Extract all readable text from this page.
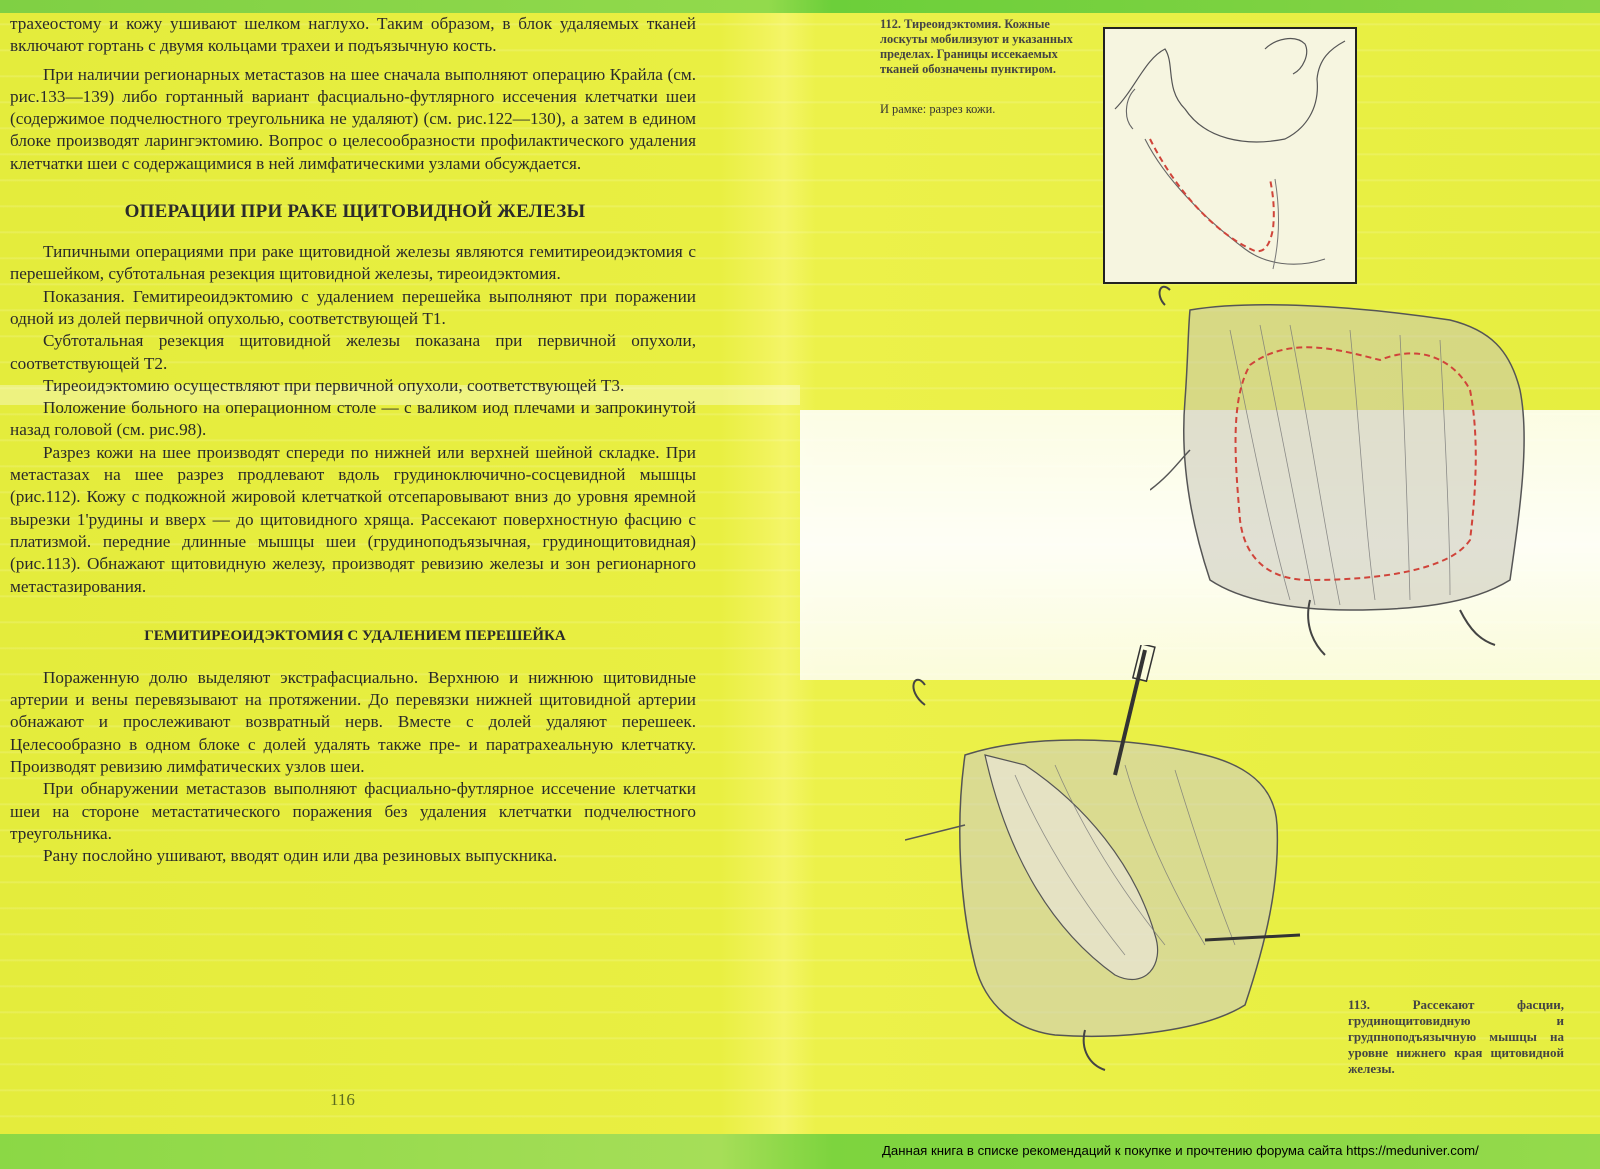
трахеостому и кожу ушивают шелком наглухо. Таким образом, в блок удаляемых тканей включают гортань с двумя кольцами трахеи и подъязычную кость.

При наличии регионарных метастазов на шее сначала выполняют операцию Крайла (см. рис.133—139) либо гортанный вариант фасциально-футлярного иссечения клетчатки шеи (содержимое подчелюстного треугольника не удаляют) (см. рис.122—130), а затем в едином блоке производят ларингэктомию. Вопрос о целесообразности профилактического удаления клетчатки шеи с содержащимися в ней лимфатическими узлами обсуждается.

ОПЕРАЦИИ ПРИ РАКЕ ЩИТОВИДНОЙ ЖЕЛЕЗЫ

Типичными операциями при раке щитовидной железы являются гемитиреоидэктомия с перешейком, субтотальная резекция щитовидной железы, тиреоидэктомия.

Показания. Гемитиреоидэктомию с удалением перешейка выполняют при поражении одной из долей первичной опухолью, соответствующей Т1.

Субтотальная резекция щитовидной железы показана при первичной опухоли, соответствующей Т2.

Тиреоидэктомию осуществляют при первичной опухоли, соответствующей Т3.

Положение больного на операционном столе — с валиком иод плечами и запрокинутой назад головой (см. рис.98).

Разрез кожи на шее производят спереди по нижней или верхней шейной складке. При метастазах на шее разрез продлевают вдоль грудиноключично-сосцевидной мышцы (рис.112). Кожу с подкожной жировой клетчаткой отсепаровывают вниз до уровня яремной вырезки 1'рудины и вверх — до щитовидного хряща. Рассекают поверхностную фасцию с платизмой. передние длинные мышцы шеи (грудиноподъязычная, грудинощитовидная) (рис.113). Обнажают щитовидную железу, производят ревизию железы и зон регионарного метастазирования.

ГЕМИТИРЕОИДЭКТОМИЯ С УДАЛЕНИЕМ ПЕРЕШЕЙКА

Пораженную долю выделяют экстрафасциально. Верхнюю и нижнюю щитовидные артерии и вены перевязывают на протяжении. До перевязки нижней щитовидной артерии обнажают и прослеживают возвратный нерв. Вместе с долей удаляют перешеек. Целесообразно в одном блоке с долей удалять также пре- и паратрахеальную клетчатку. Производят ревизию лимфатических узлов шеи.

При обнаружении метастазов выполняют фасциально-футлярное иссечение клетчатки шеи на стороне метастатического поражения без удаления клетчатки подчелюстного треугольника.

Рану послойно ушивают, вводят один или два резиновых выпускника.

116
112. Тиреоидэктомия. Кожные лоскуты мобилизуют и указанных пределах. Границы иссекаемых тканей обозначены пунктиром.
И рамке: разрез кожи.
113. Рассекают фасции, грудинощитовидную и грудпноподъязычную мышцы на уровне нижнего края щитовидной железы.
Данная книга в списке рекомендаций к покупке и прочтению форума сайта https://meduniver.com/
